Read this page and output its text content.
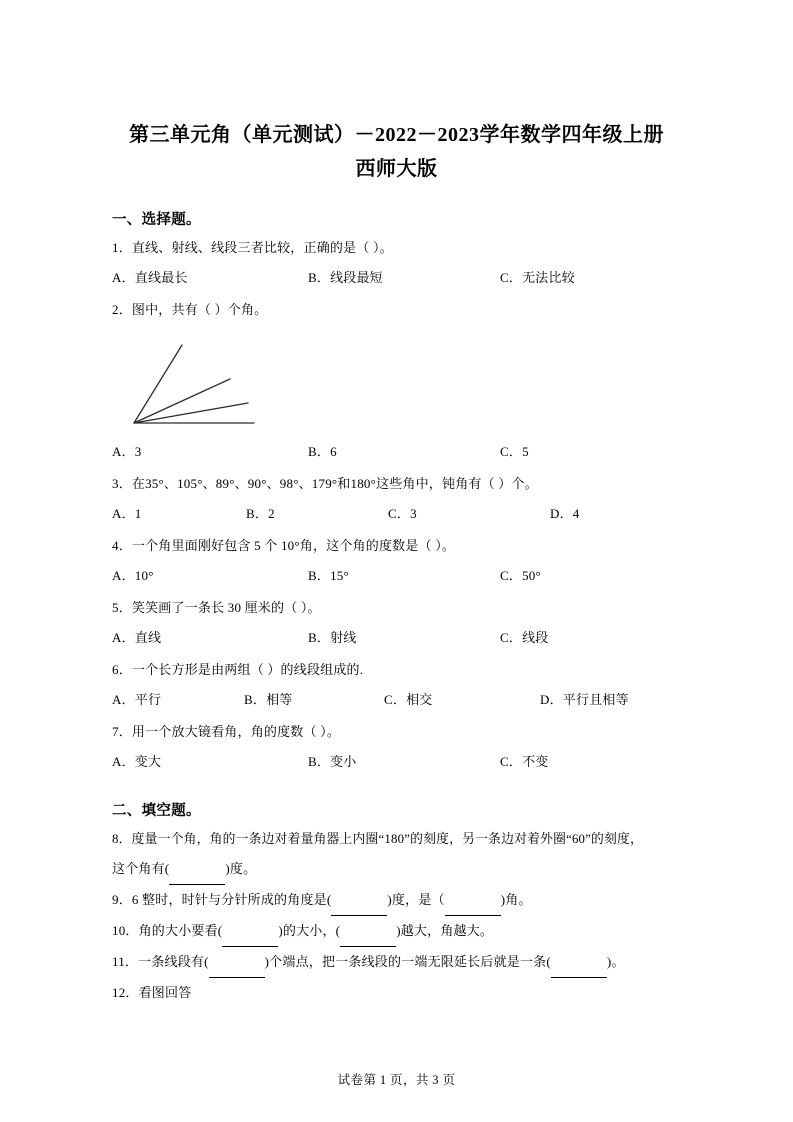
第三单元角（单元测试）－2022－2023学年数学四年级上册
西师大版
一、选择题。
1．直线、射线、线段三者比较，正确的是（ ）。
A．直线最长	B．线段最短	C．无法比较
2．图中，共有（ ）个角。
A．3	B．6	C．5
3．在35°、105°、89°、90°、98°、179°和180°这些角中，钝角有（ ）个。
A．1	B．2	C．3	D．4
4．一个角里面刚好包含 5 个 10°角，这个角的度数是（ ）。
A．10°	B．15°	C．50°
5．笑笑画了一条长 30 厘米的（ ）。
A．直线	B．射线	C．线段
6．一个长方形是由两组（ ）的线段组成的.
A．平行	B．相等	C．相交	D．平行且相等
7．用一个放大镜看角，角的度数（ ）。
A．变大	B．变小	C．不变
二、填空题。
8．度量一个角，角的一条边对着量角器上内圈“180”的刻度，另一条边对着外圈“60”的刻度，
这个角有(	)度。
9．6 整时，时针与分针所成的角度是(	)度，是（	)角。
10．角的大小要看(	)的大小，(	)越大，角越大。
11．一条线段有(	)个端点，把一条线段的一端无限延长后就是一条(	)。
12．看图回答
试卷第 1 页，共 3 页
